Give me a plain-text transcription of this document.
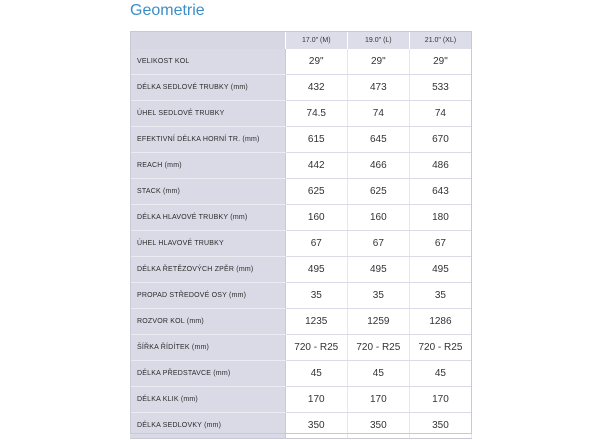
Geometrie
	17.0" (M)	19.0" (L)	21.0" (XL)
VELIKOST KOL	29"	29"	29"
DÉLKA SEDLOVÉ TRUBKY (mm)	432	473	533
ÚHEL SEDLOVÉ TRUBKY	74.5	74	74
EFEKTIVNÍ DÉLKA HORNÍ TR. (mm)	615	645	670
REACH (mm)	442	466	486
STACK (mm)	625	625	643
DÉLKA HLAVOVÉ TRUBKY (mm)	160	160	180
ÚHEL HLAVOVÉ TRUBKY	67	67	67
DÉLKA ŘETĚZOVÝCH ZPĚR (mm)	495	495	495
PROPAD STŘEDOVÉ OSY (mm)	35	35	35
ROZVOR KOL (mm)	1235	1259	1286
ŠÍŘKA ŘÍDÍTEK (mm)	720 - R25	720 - R25	720 - R25
DÉLKA PŘEDSTAVCE (mm)	45	45	45
DÉLKA KLIK (mm)	170	170	170
DÉLKA SEDLOVKY (mm)	350	350	350
